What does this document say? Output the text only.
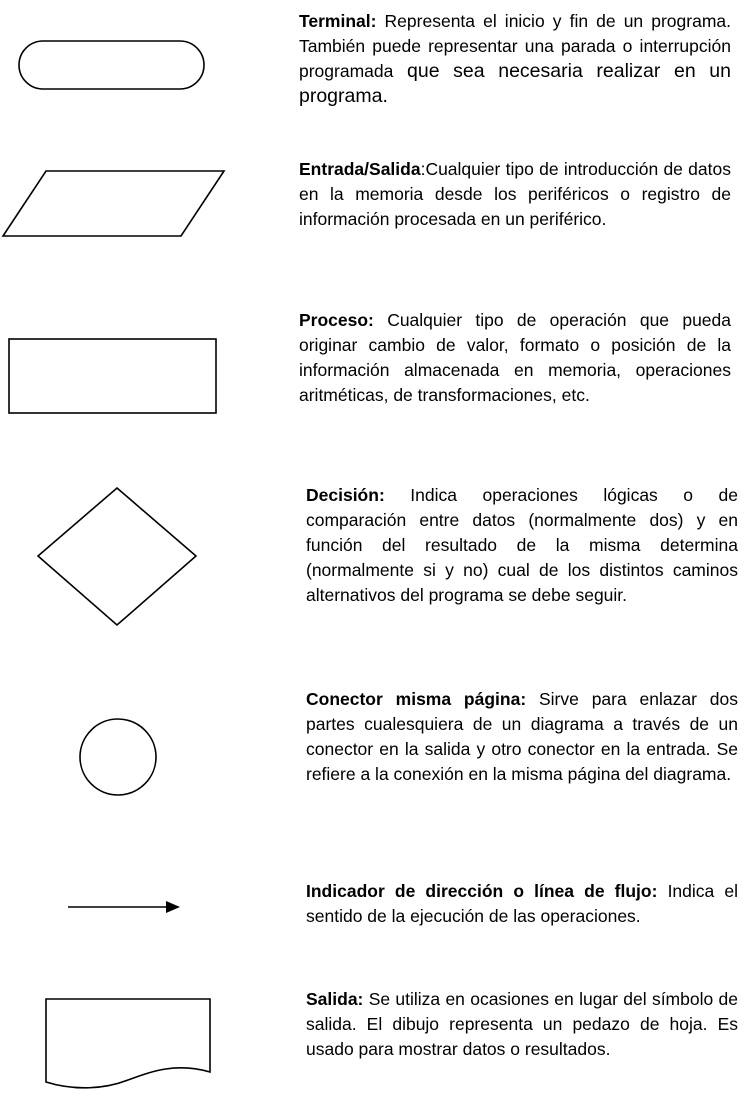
Terminal: Representa el inicio y fin de un programa. También puede representar una parada o interrupción programada que sea necesaria realizar en un programa.

Entrada/Salida:Cualquier tipo de introducción de datos en la memoria desde los periféricos o registro de información procesada en un periférico.

Proceso: Cualquier tipo de operación que pueda originar cambio de valor, formato o posición de la información almacenada en memoria, operaciones aritméticas, de transformaciones, etc.

Decisión: Indica operaciones lógicas o de comparación entre datos (normalmente dos) y en función del resultado de la misma determina (normalmente si y no) cual de los distintos caminos alternativos del programa se debe seguir.

Conector misma página: Sirve para enlazar dos partes cualesquiera de un diagrama a través de un conector en la salida y otro conector en la entrada. Se refiere a la conexión en la misma página del diagrama.

Indicador de dirección o línea de flujo: Indica el sentido de la ejecución de las operaciones.

Salida: Se utiliza en ocasiones en lugar del símbolo de salida. El dibujo representa un pedazo de hoja. Es usado para mostrar datos o resultados.
